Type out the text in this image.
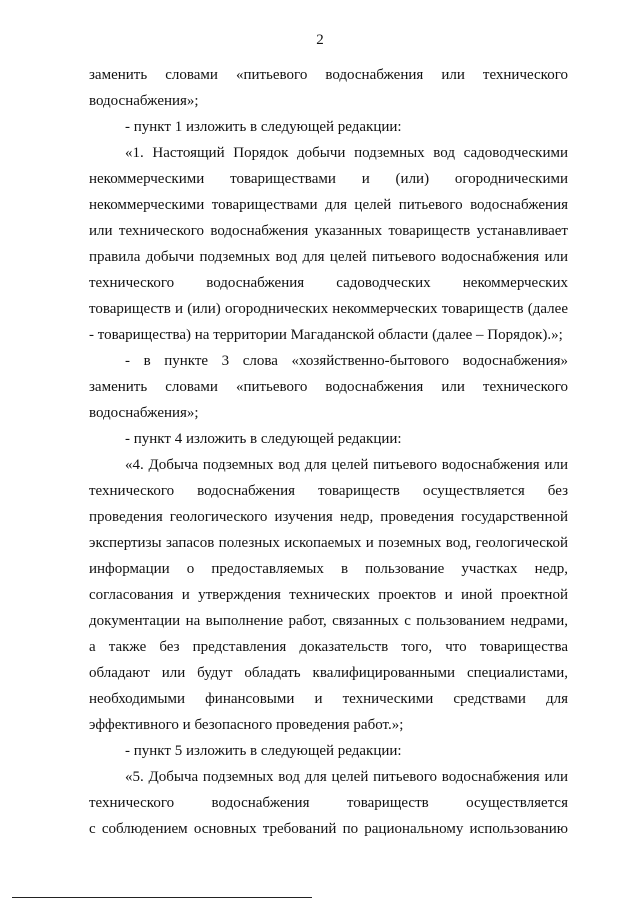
2
заменить словами «питьевого водоснабжения или технического
водоснабжения»;
- пункт 1 изложить в следующей редакции:
«1. Настоящий Порядок добычи подземных вод садоводческими
некоммерческими товариществами и (или) огородническими
некоммерческими товариществами для целей питьевого водоснабжения
или технического водоснабжения указанных товариществ устанавливает
правила добычи подземных вод для целей питьевого водоснабжения или
технического водоснабжения садоводческих некоммерческих
товариществ и (или) огороднических некоммерческих товариществ (далее
- товарищества) на территории Магаданской области (далее – Порядок).»;
- в пункте 3 слова «хозяйственно-бытового водоснабжения»
заменить словами «питьевого водоснабжения или технического
водоснабжения»;
- пункт 4 изложить в следующей редакции:
«4. Добыча подземных вод для целей питьевого водоснабжения или
технического водоснабжения товариществ осуществляется без
проведения геологического изучения недр, проведения государственной
экспертизы запасов полезных ископаемых и поземных вод, геологической
информации о предоставляемых в пользование участках недр,
согласования и утверждения технических проектов и иной проектной
документации на выполнение работ, связанных с пользованием недрами,
а также без представления доказательств того, что товарищества
обладают или будут обладать квалифицированными специалистами,
необходимыми финансовыми и техническими средствами для
эффективного и безопасного проведения работ.»;
- пункт 5 изложить в следующей редакции:
«5. Добыча подземных вод для целей питьевого водоснабжения или
технического водоснабжения товариществ осуществляется
с соблюдением основных требований по рациональному использованию
